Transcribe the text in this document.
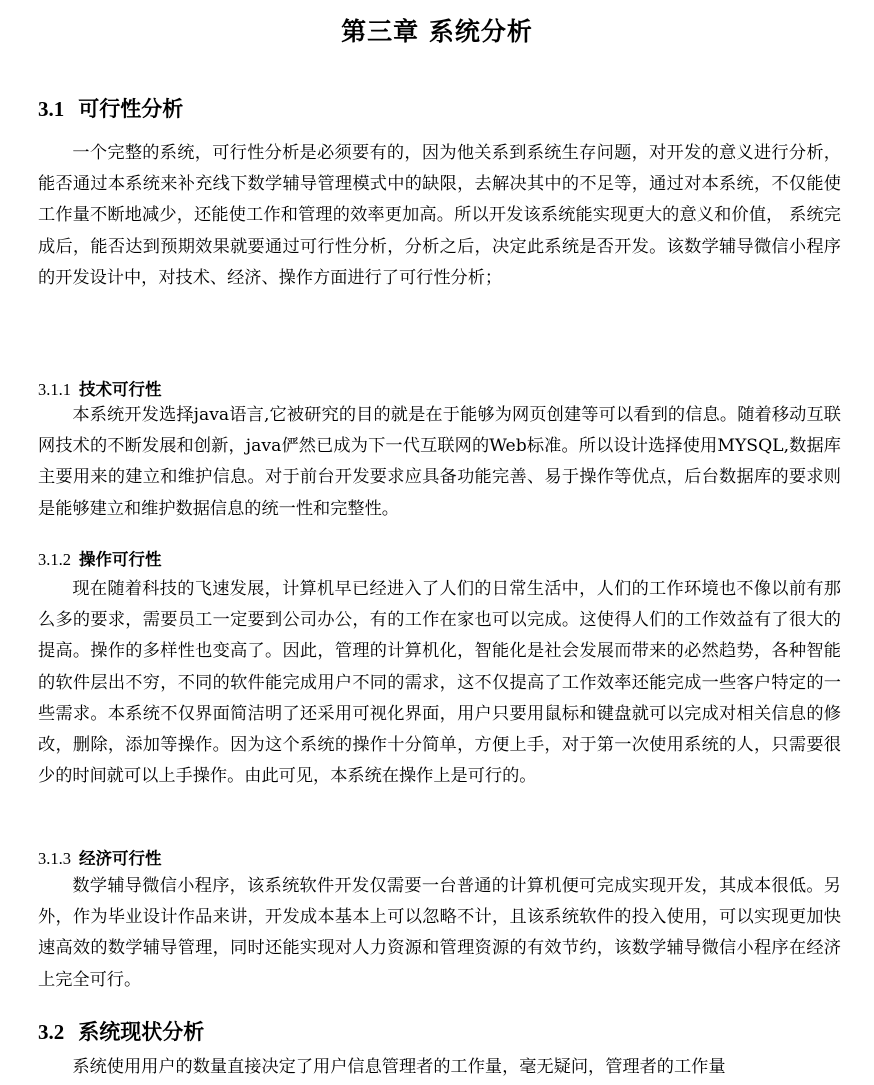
第三章 系统分析
3.1 可行性分析

一个完整的系统，可行性分析是必须要有的，因为他关系到系统生存问题，对开发的意义进行分析，能否通过本系统来补充线下数学辅导管理模式中的缺限，去解决其中的不足等，通过对本系统，不仅能使工作量不断地减少，还能使工作和管理的效率更加高。所以开发该系统能实现更大的意义和价值， 系统完成后，能否达到预期效果就要通过可行性分析，分析之后，决定此系统是否开发。该数学辅导微信小程序的开发设计中，对技术、经济、操作方面进行了可行性分析；

3.1.1 技术可行性

本系统开发选择java语言,它被研究的目的就是在于能够为网页创建等可以看到的信息。随着移动互联网技术的不断发展和创新，java俨然已成为下一代互联网的Web标准。所以设计选择使用MYSQL,数据库主要用来的建立和维护信息。对于前台开发要求应具备功能完善、易于操作等优点，后台数据库的要求则是能够建立和维护数据信息的统一性和完整性。

3.1.2 操作可行性

现在随着科技的飞速发展，计算机早已经进入了人们的日常生活中，人们的工作环境也不像以前有那么多的要求，需要员工一定要到公司办公，有的工作在家也可以完成。这使得人们的工作效益有了很大的提高。操作的多样性也变高了。因此，管理的计算机化，智能化是社会发展而带来的必然趋势，各种智能的软件层出不穷，不同的软件能完成用户不同的需求，这不仅提高了工作效率还能完成一些客户特定的一些需求。本系统不仅界面简洁明了还采用可视化界面，用户只要用鼠标和键盘就可以完成对相关信息的修改，删除，添加等操作。因为这个系统的操作十分简单，方便上手，对于第一次使用系统的人，只需要很少的时间就可以上手操作。由此可见，本系统在操作上是可行的。

3.1.3 经济可行性

数学辅导微信小程序，该系统软件开发仅需要一台普通的计算机便可完成实现开发，其成本很低。另外，作为毕业设计作品来讲，开发成本基本上可以忽略不计，且该系统软件的投入使用，可以实现更加快速高效的数学辅导管理，同时还能实现对人力资源和管理资源的有效节约，该数学辅导微信小程序在经济上完全可行。

3.2 系统现状分析

系统使用用户的数量直接决定了用户信息管理者的工作量，毫无疑问，管理者的工作量
